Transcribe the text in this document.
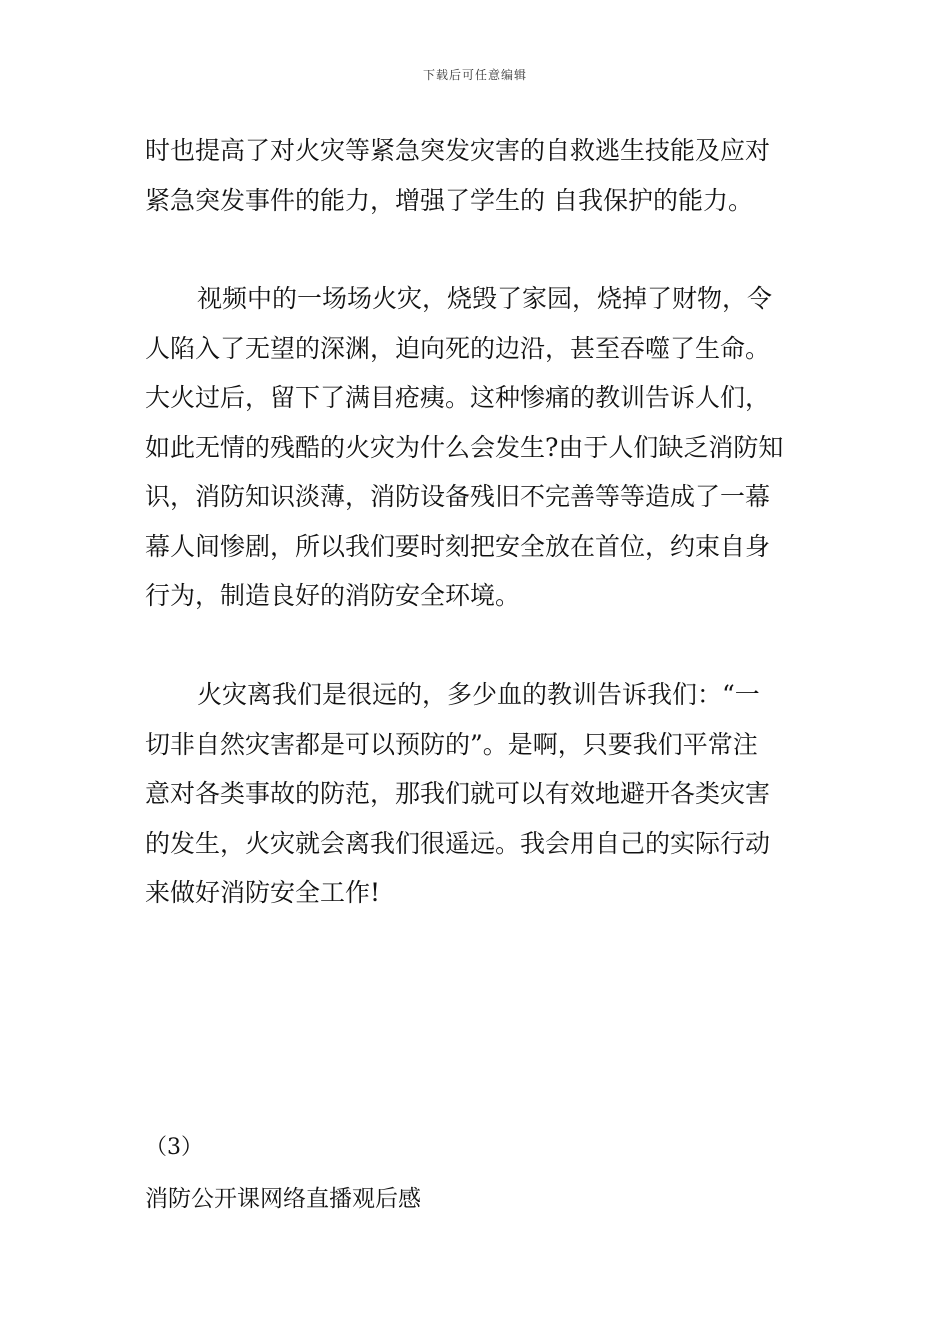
下载后可任意编辑

时也提高了对火灾等紧急突发灾害的自救逃生技能及应对

紧急突发事件的能力，增强了学生的 自我保护的能力。

视频中的一场场火灾，烧毁了家园，烧掉了财物，令

人陷入了无望的深渊，迫向死的边沿，甚至吞噬了生命。

大火过后，留下了满目疮痍。这种惨痛的教训告诉人们，

如此无情的残酷的火灾为什么会发生?由于人们缺乏消防知

识，消防知识淡薄，消防设备残旧不完善等等造成了一幕

幕人间惨剧，所以我们要时刻把安全放在首位，约束自身

行为，制造良好的消防安全环境。

火灾离我们是很远的，多少血的教训告诉我们：“一

切非自然灾害都是可以预防的”。是啊，只要我们平常注

意对各类事故的防范，那我们就可以有效地避开各类灾害

的发生，火灾就会离我们很遥远。我会用自己的实际行动

来做好消防安全工作!

（3）
消防公开课网络直播观后感
